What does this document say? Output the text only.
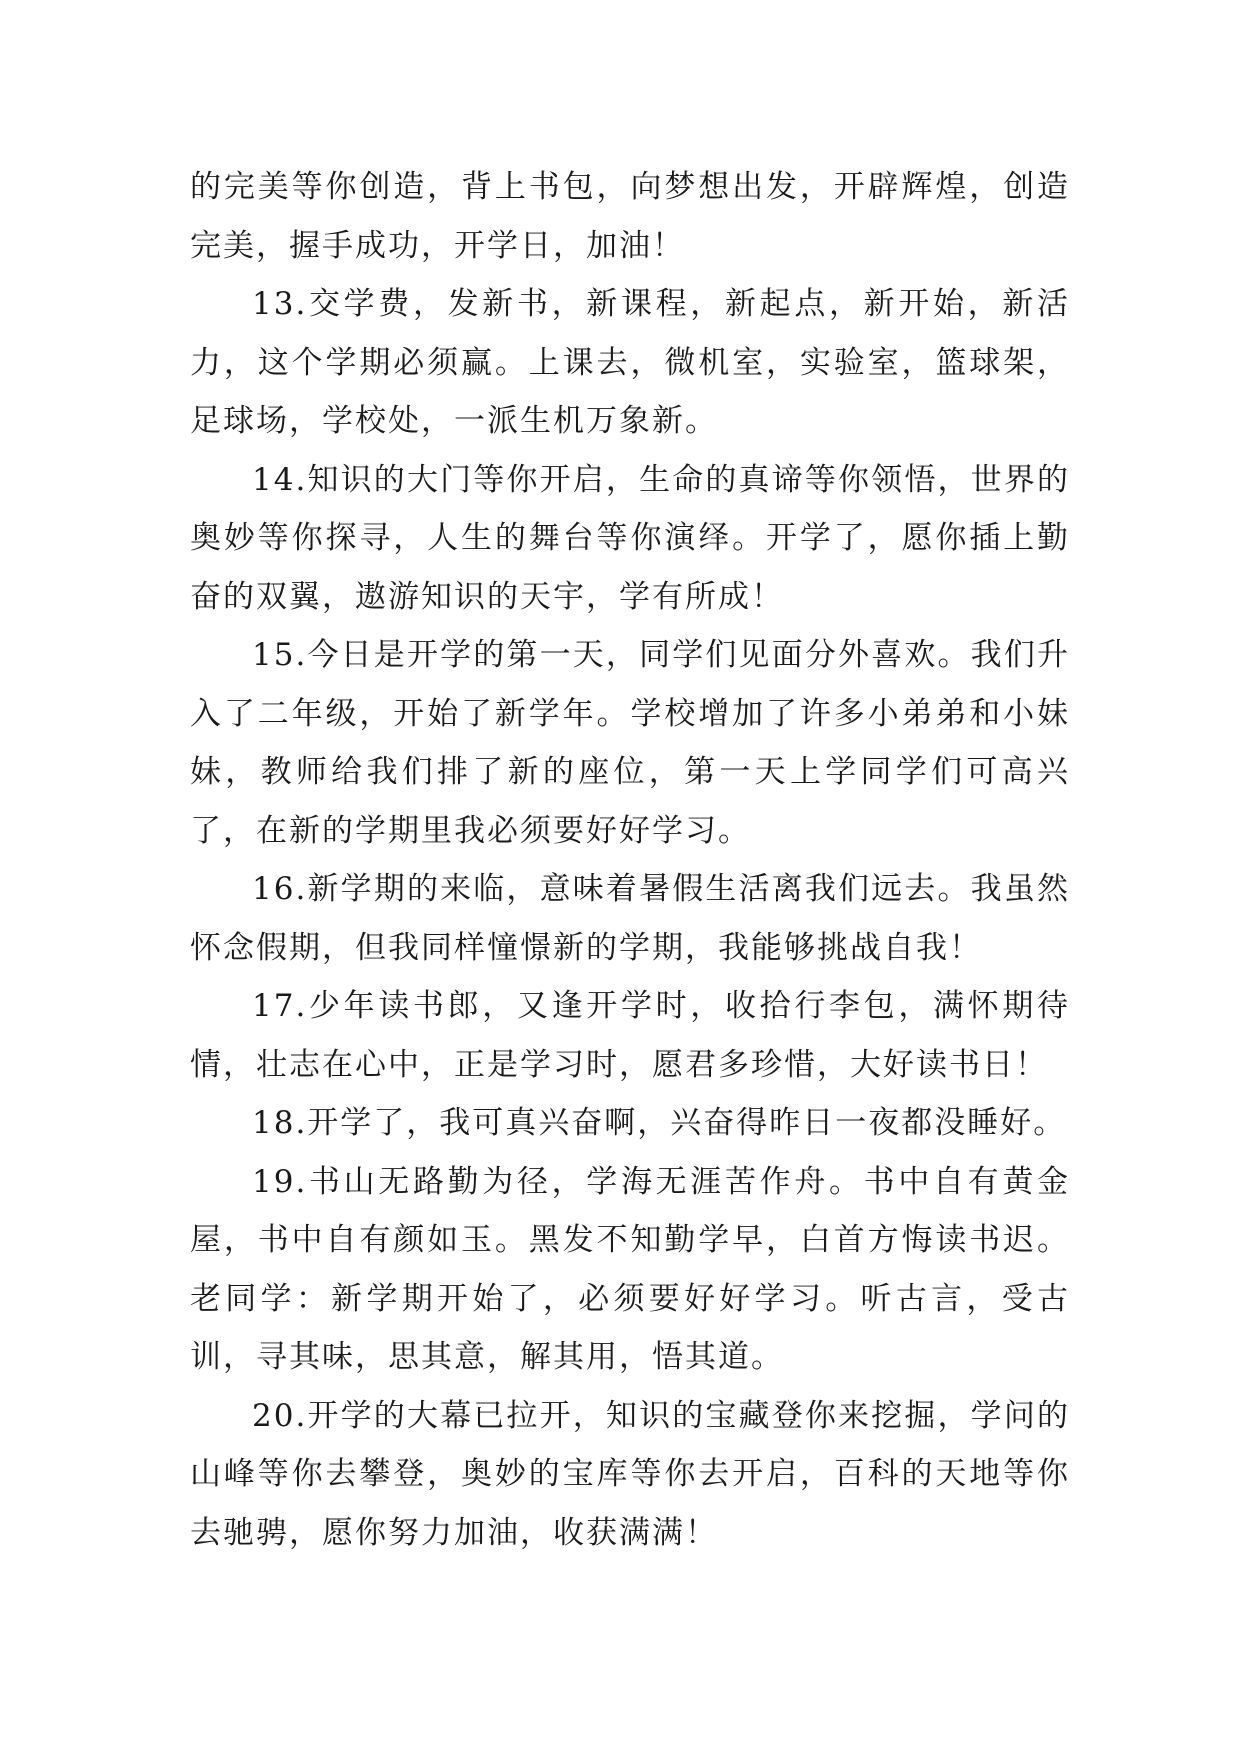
的完美等你创造，背上书包，向梦想出发，开辟辉煌，创造完美，握手成功，开学日，加油！

13.交学费，发新书，新课程，新起点，新开始，新活力，这个学期必须赢。上课去，微机室，实验室，篮球架，足球场，学校处，一派生机万象新。

14.知识的大门等你开启，生命的真谛等你领悟，世界的奥妙等你探寻，人生的舞台等你演绎。开学了，愿你插上勤奋的双翼，遨游知识的天宇，学有所成！

15.今日是开学的第一天，同学们见面分外喜欢。我们升入了二年级，开始了新学年。学校增加了许多小弟弟和小妹妹，教师给我们排了新的座位，第一天上学同学们可高兴了，在新的学期里我必须要好好学习。

16.新学期的来临，意味着暑假生活离我们远去。我虽然怀念假期，但我同样憧憬新的学期，我能够挑战自我！

17.少年读书郎，又逢开学时，收拾行李包，满怀期待情，壮志在心中，正是学习时，愿君多珍惜，大好读书日！

18.开学了，我可真兴奋啊，兴奋得昨日一夜都没睡好。

19.书山无路勤为径，学海无涯苦作舟。书中自有黄金屋，书中自有颜如玉。黑发不知勤学早，白首方悔读书迟。老同学：新学期开始了，必须要好好学习。听古言，受古训，寻其味，思其意，解其用，悟其道。

20.开学的大幕已拉开，知识的宝藏登你来挖掘，学问的山峰等你去攀登，奥妙的宝库等你去开启，百科的天地等你去驰骋，愿你努力加油，收获满满！
